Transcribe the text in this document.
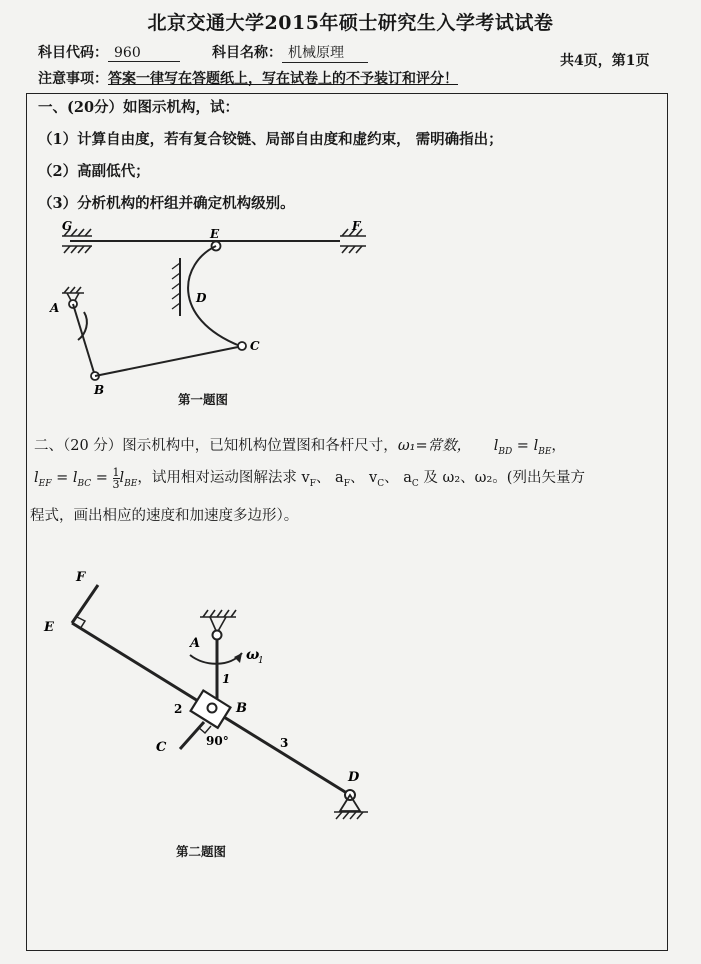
北京交通大学2015年硕士研究生入学考试试卷
科目代码： 960	科目名称： 机械原理	共4页，第1页
注意事项：答案一律写在答题纸上，写在试卷上的不予装订和评分！
一、(20分）如图示机构，试：
（1）计算自由度，若有复合铰链、局部自由度和虚约束， 需明确指出；
（2）高副低代；
（3）分析机构的杆组并确定机构级别。
G	F
E
D
C
A
B
第一题图
二、（20 分）图示机构中，已知机构位置图和各杆尺寸，ω₁=常数， $l_{BD} = l_{BE}$，
$l_{EF} = l_{BC} = \frac{1}{3} l_{BE}$，试用相对运动图解法求 $v_F$、 $a_F$、 $v_C$、 $a_C$ 及 ω₂、ω₂。(列出矢量方
程式，画出相应的速度和加速度多边形）。
F
E
3
A
ω
1
1
2	B
C	90°
D
第二题图
